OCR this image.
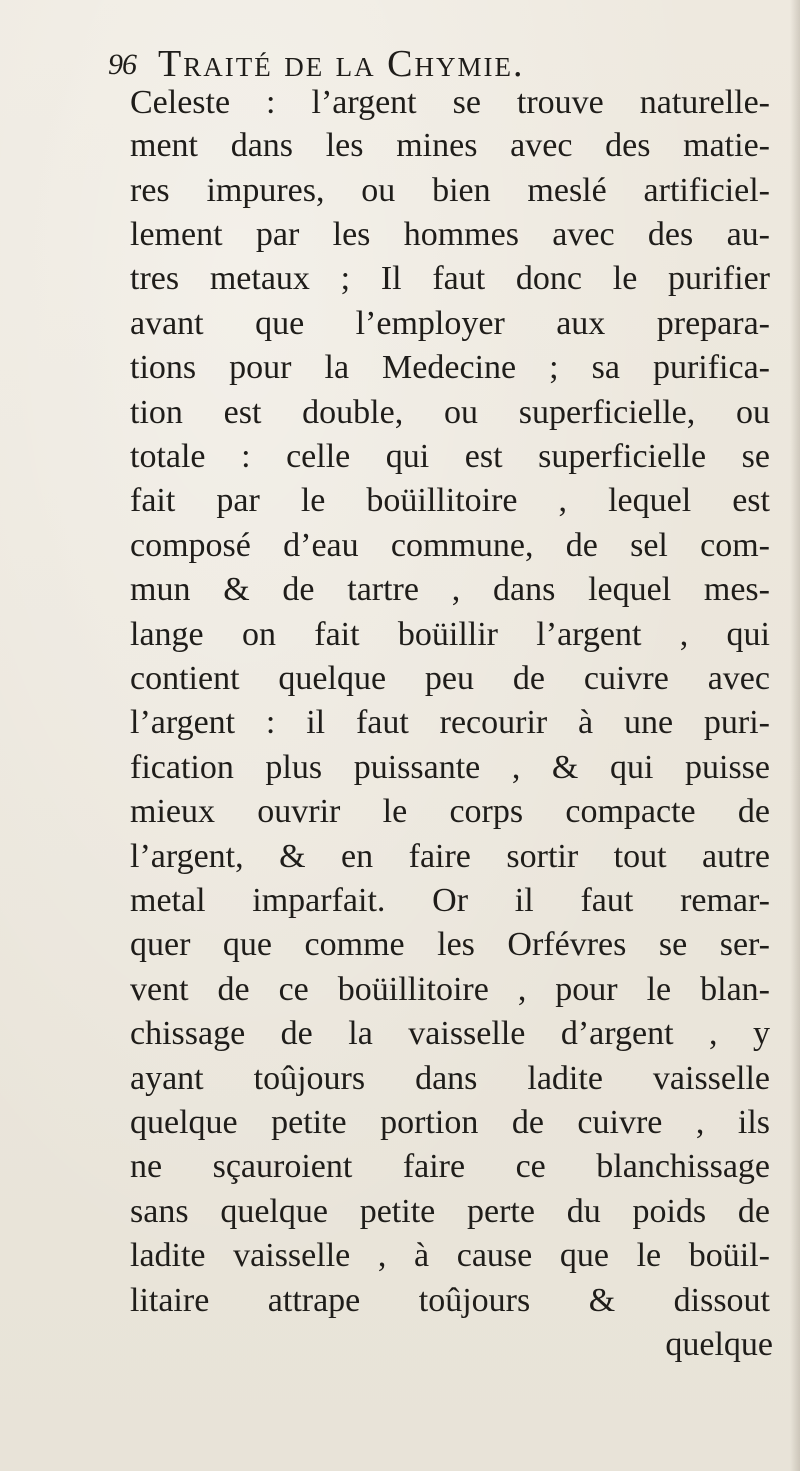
96 Traité de la Chymie.
Celeste : l’argent se trouve naturelle-
ment dans les mines avec des matie-
res impures, ou bien meslé artificiel-
lement par les hommes avec des au-
tres metaux ; Il faut donc le purifier
avant que l’employer aux prepara-
tions pour la Medecine ; sa purifica-
tion est double, ou superficielle, ou
totale : celle qui est superficielle se
fait par le boüillitoire , lequel est
composé d’eau commune, de sel com-
mun & de tartre , dans lequel mes-
lange on fait boüillir l’argent , qui
contient quelque peu de cuivre avec
l’argent : il faut recourir à une puri-
fication plus puissante , & qui puisse
mieux ouvrir le corps compacte de
l’argent, & en faire sortir tout autre
metal imparfait. Or il faut remar-
quer que comme les Orfévres se ser-
vent de ce boüillitoire , pour le blan-
chissage de la vaisselle d’argent , y
ayant toûjours dans ladite vaisselle
quelque petite portion de cuivre , ils
ne sçauroient faire ce blanchissage
sans quelque petite perte du poids de
ladite vaisselle , à cause que le boüil-
litaire attrape toûjours & dissout
quelque
